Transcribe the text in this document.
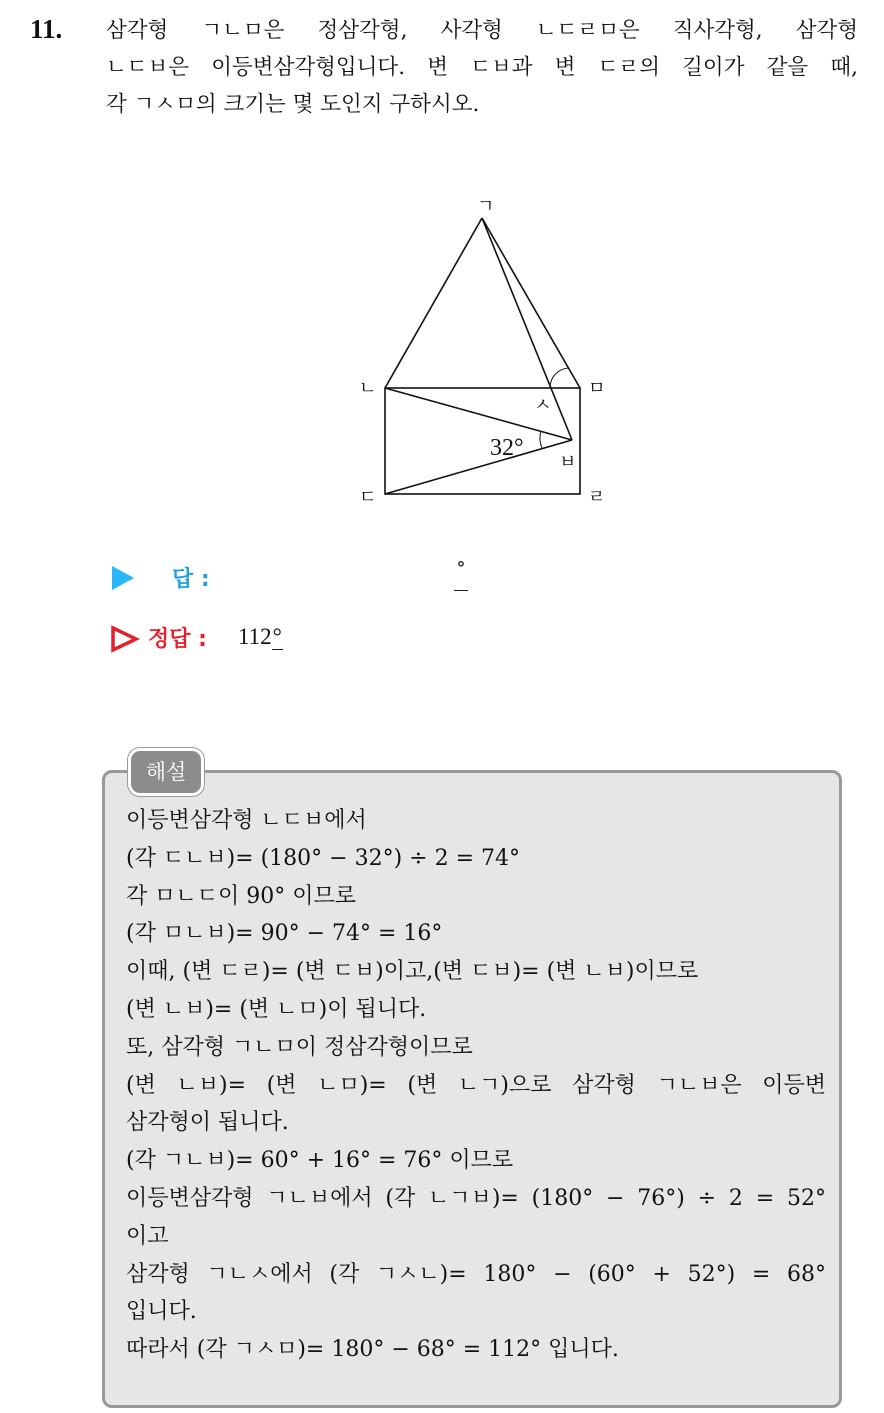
11. 삼각형 ㄱㄴㅁ은 정삼각형, 사각형 ㄴㄷㄹㅁ은 직사각형, 삼각형
ㄴㄷㅂ은 이등변삼각형입니다. 변 ㄷㅂ과 변 ㄷㄹ의 길이가 같을 때,
각 ㄱㅅㅁ의 크기는 몇 도인지 구하시오.
ㄱ
ㄴ	ㅁ
ㅅ
ㅂ
ㄷ	ㄹ
32°
답 :	°
정답 : 112°
해설
이등변삼각형 ㄴㄷㅂ에서
(각 ㄷㄴㅂ)= (180° − 32°) ÷ 2 = 74°
각 ㅁㄴㄷ이 90° 이므로
(각 ㅁㄴㅂ)= 90° − 74° = 16°
이때, (변 ㄷㄹ)= (변 ㄷㅂ)이고,(변 ㄷㅂ)= (변 ㄴㅂ)이므로
(변 ㄴㅂ)= (변 ㄴㅁ)이 됩니다.
또, 삼각형 ㄱㄴㅁ이 정삼각형이므로
(변 ㄴㅂ)= (변 ㄴㅁ)= (변 ㄴㄱ)으로 삼각형 ㄱㄴㅂ은 이등변
삼각형이 됩니다.
(각 ㄱㄴㅂ)= 60° + 16° = 76° 이므로
이등변삼각형 ㄱㄴㅂ에서 (각 ㄴㄱㅂ)= (180° − 76°) ÷ 2 = 52°
이고
삼각형 ㄱㄴㅅ에서 (각 ㄱㅅㄴ)= 180° − (60° + 52°) = 68°
입니다.
따라서 (각 ㄱㅅㅁ)= 180° − 68° = 112° 입니다.
